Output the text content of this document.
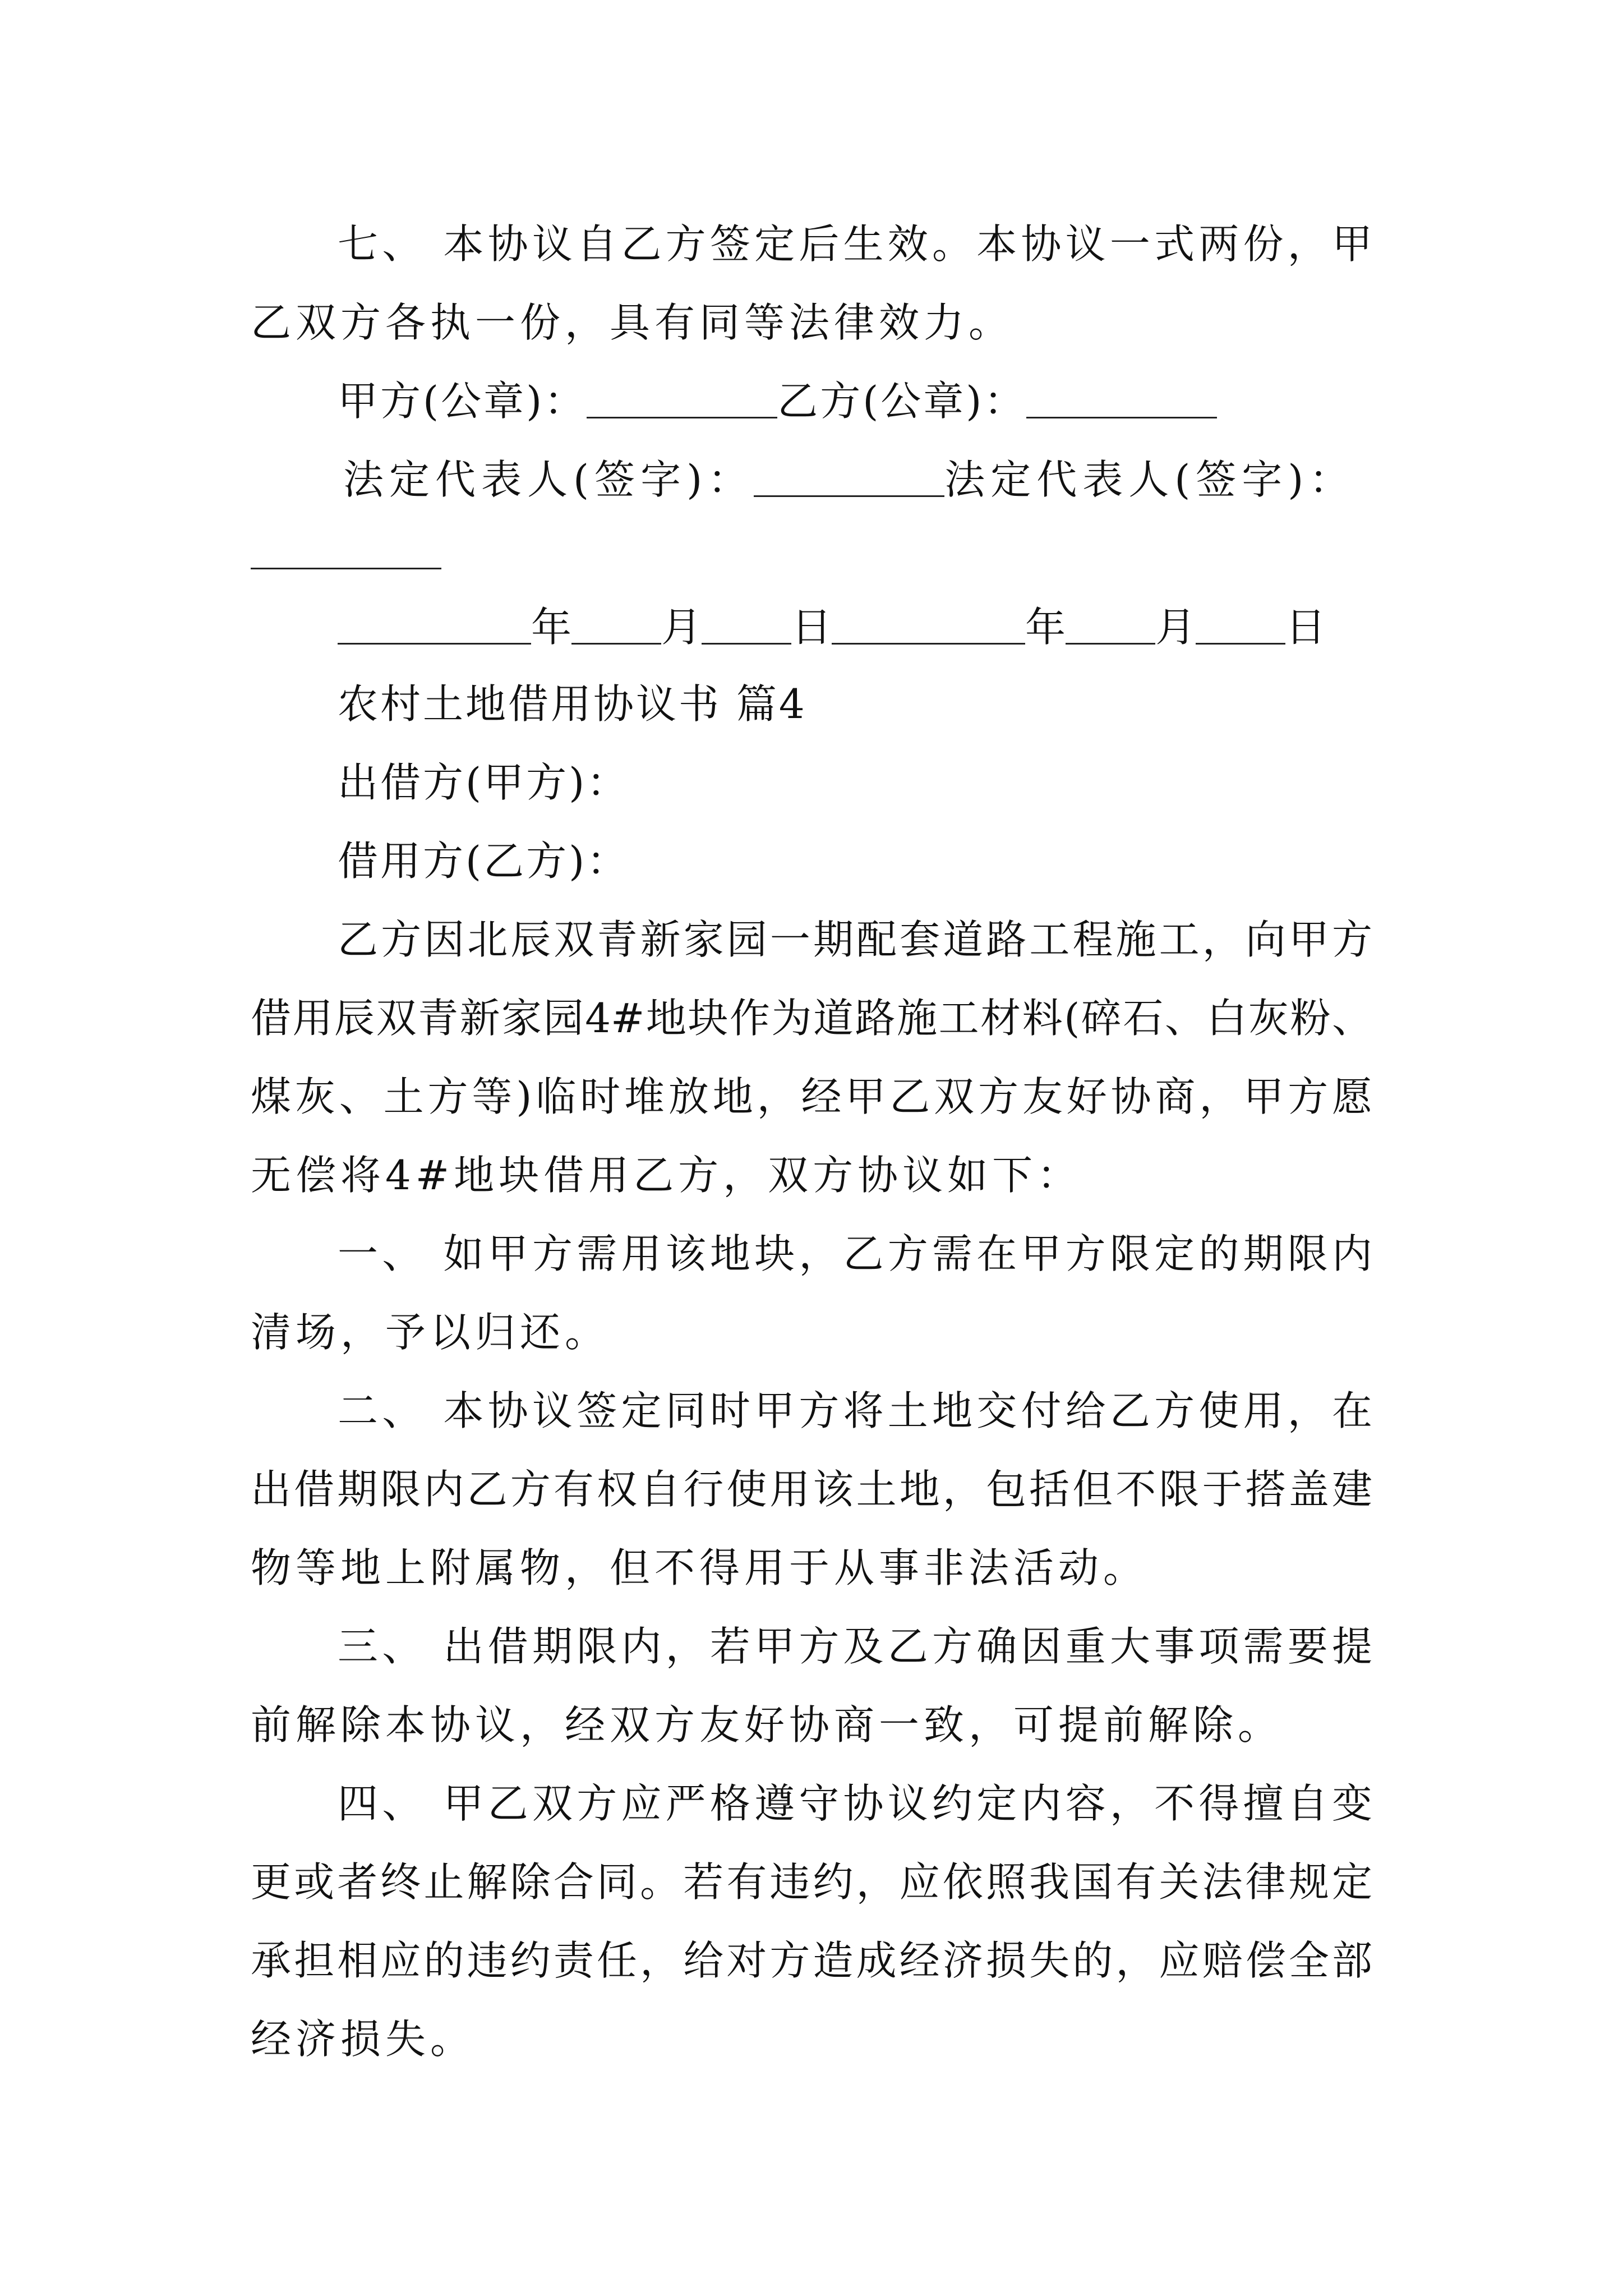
七、 本协议自乙方签定后生效。本协议一式两份，甲
乙双方各执一份，具有同等法律效力。
甲方(公章)：	乙方(公章)：
法定代表人(签字)：	法定代表人(签字)：
年 月 日	年 月 日
农村土地借用协议书 篇4
出借方(甲方)：
借用方(乙方)：
乙方因北辰双青新家园一期配套道路工程施工，向甲方
借用辰双青新家园4#地块作为道路施工材料(碎石、白灰粉、
煤灰、土方等)临时堆放地，经甲乙双方友好协商，甲方愿
无偿将4#地块借用乙方，双方协议如下：
一、 如甲方需用该地块，乙方需在甲方限定的期限内
清场，予以归还。
二、 本协议签定同时甲方将土地交付给乙方使用，在
出借期限内乙方有权自行使用该土地，包括但不限于搭盖建
物等地上附属物，但不得用于从事非法活动。
三、 出借期限内，若甲方及乙方确因重大事项需要提
前解除本协议，经双方友好协商一致，可提前解除。
四、 甲乙双方应严格遵守协议约定内容，不得擅自变
更或者终止解除合同。若有违约，应依照我国有关法律规定
承担相应的违约责任，给对方造成经济损失的，应赔偿全部
经济损失。
